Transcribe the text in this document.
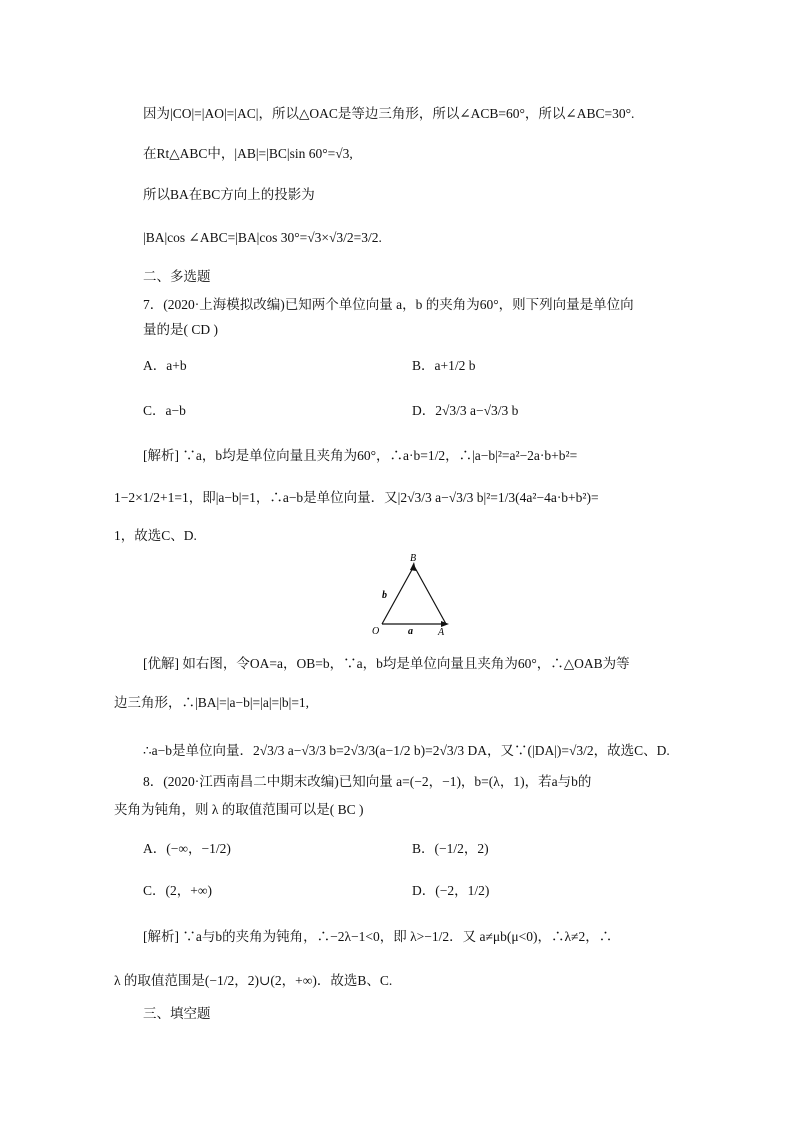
因为|CO|=|AO|=|AC|，所以△OAC是等边三角形，所以∠ACB=60°，所以∠ABC=30°.
在Rt△ABC中，|AB|=|BC|sin 60°=√3,
所以BA在BC方向上的投影为
|BA|cos ∠ABC=|BA|cos 30°=√3×√3/2=3/2.
二、多选题
7．(2020·上海模拟改编)已知两个单位向量 a，b 的夹角为60°，则下列向量是单位向
量的是( CD )
A．a+b	B．a+1/2 b
C．a−b	D．2√3/3 a−√3/3 b
[解析] ∵a，b均是单位向量且夹角为60°，∴a·b=1/2，∴|a−b|²=a²−2a·b+b²=
1−2×1/2+1=1，即|a−b|=1，∴a−b是单位向量．又|2√3/3 a−√3/3 b|²=1/3(4a²−4a·b+b²)=
1，故选C、D.
B
O	A
a
b
[优解] 如右图，令OA=a，OB=b，∵a，b均是单位向量且夹角为60°，∴△OAB为等
边三角形，∴|BA|=|a−b|=|a|=|b|=1,
∴a−b是单位向量．2√3/3 a−√3/3 b=2√3/3(a−1/2 b)=2√3/3 DA，又∵(|DA|)=√3/2，故选C、D.
8．(2020·江西南昌二中期末改编)已知向量 a=(−2，−1)，b=(λ，1)，若a与b的
夹角为钝角，则 λ 的取值范围可以是( BC )
A．(−∞，−1/2)	B．(−1/2，2)
C．(2，+∞)	D．(−2，1/2)
[解析] ∵a与b的夹角为钝角，∴−2λ−1<0，即 λ>−1/2．又 a≠μb(μ<0)，∴λ≠2，∴
λ 的取值范围是(−1/2，2)∪(2，+∞)．故选B、C.
三、填空题
